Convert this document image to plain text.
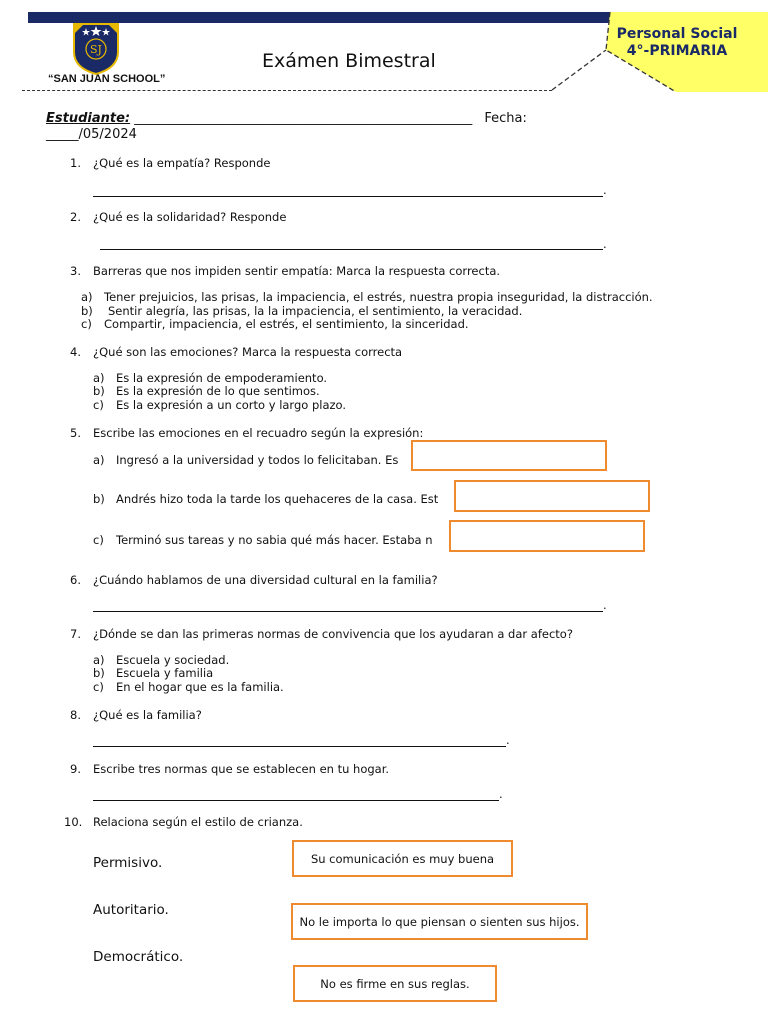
SJ
“SAN JUAN SCHOOL”
Exámen Bimestral
Personal Social
4°-PRIMARIA
Estudiante: ____________________________________________________ Fecha:
_____/05/2024
1. ¿Qué es la empatía? Responde
.
2. ¿Qué es la solidaridad? Responde
.
3. Barreras que nos impiden sentir empatía: Marca la respuesta correcta.
a) Tener prejuicios, las prisas, la impaciencia, el estrés, nuestra propia inseguridad, la distracción.
b) Sentir alegría, las prisas, la la impaciencia, el sentimiento, la veracidad.
c) Compartir, impaciencia, el estrés, el sentimiento, la sinceridad.
4. ¿Qué son las emociones? Marca la respuesta correcta
a) Es la expresión de empoderamiento.
b) Es la expresión de lo que sentimos.
c) Es la expresión a un corto y largo plazo.
5. Escribe las emociones en el recuadro según la expresión:
a) Ingresó a la universidad y todos lo felicitaban. Es
b) Andrés hizo toda la tarde los quehaceres de la casa. Est
c) Terminó sus tareas y no sabia qué más hacer. Estaba n
6. ¿Cuándo hablamos de una diversidad cultural en la familia?
.
7. ¿Dónde se dan las primeras normas de convivencia que los ayudaran a dar afecto?
a) Escuela y sociedad.
b) Escuela y familia
c) En el hogar que es la familia.
8. ¿Qué es la familia?
.
9. Escribe tres normas que se establecen en tu hogar.
.
10. Relaciona según el estilo de crianza.
Permisivo.
Autoritario.
Democrático.
Su comunicación es muy buena
No le importa lo que piensan o sienten sus hijos.
No es firme en sus reglas.
